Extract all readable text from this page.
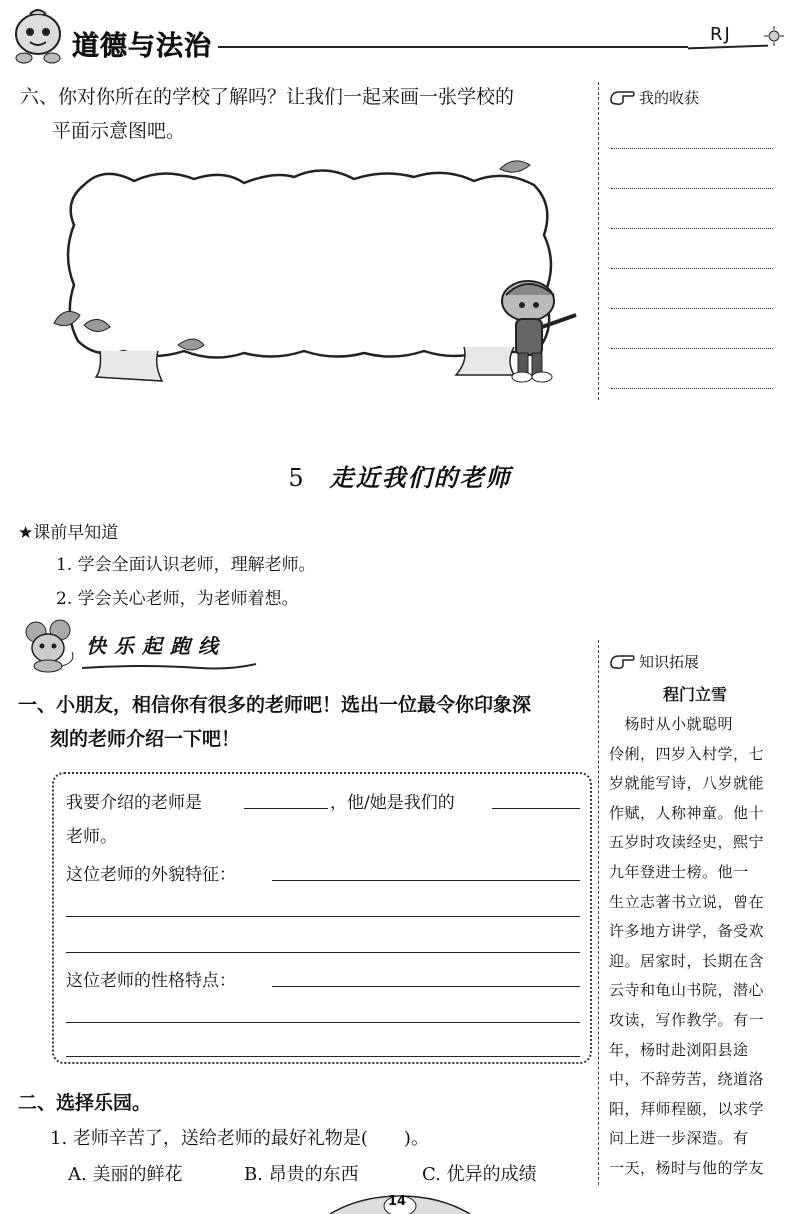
道德与法治	RJ
六、你对你所在的学校了解吗？让我们一起来画一张学校的
平面示意图吧。
我的收获
5 走近我们的老师
★课前早知道
1. 学会全面认识老师，理解老师。
2. 学会关心老师，为老师着想。
快乐起跑线
一、小朋友，相信你有很多的老师吧！选出一位最令你印象深
刻的老师介绍一下吧！
我要介绍的老师是	，他/她是我们的
老师。
这位老师的外貌特征：
这位老师的性格特点：
二、选择乐园。
1. 老师辛苦了，送给老师的最好礼物是(　　)。
A. 美丽的鲜花	B. 昂贵的东西	C. 优异的成绩
知识拓展
程门立雪
　杨时从小就聪明
伶俐，四岁入村学，七
岁就能写诗，八岁就能
作赋，人称神童。他十
五岁时攻读经史，熙宁
九年登进士榜。他一
生立志著书立说，曾在
许多地方讲学，备受欢
迎。居家时，长期在含
云寺和龟山书院，潜心
攻读，写作教学。有一
年，杨时赴浏阳县途
中，不辞劳苦，绕道洛
阳，拜师程颐，以求学
问上进一步深造。有
一天，杨时与他的学友
14
